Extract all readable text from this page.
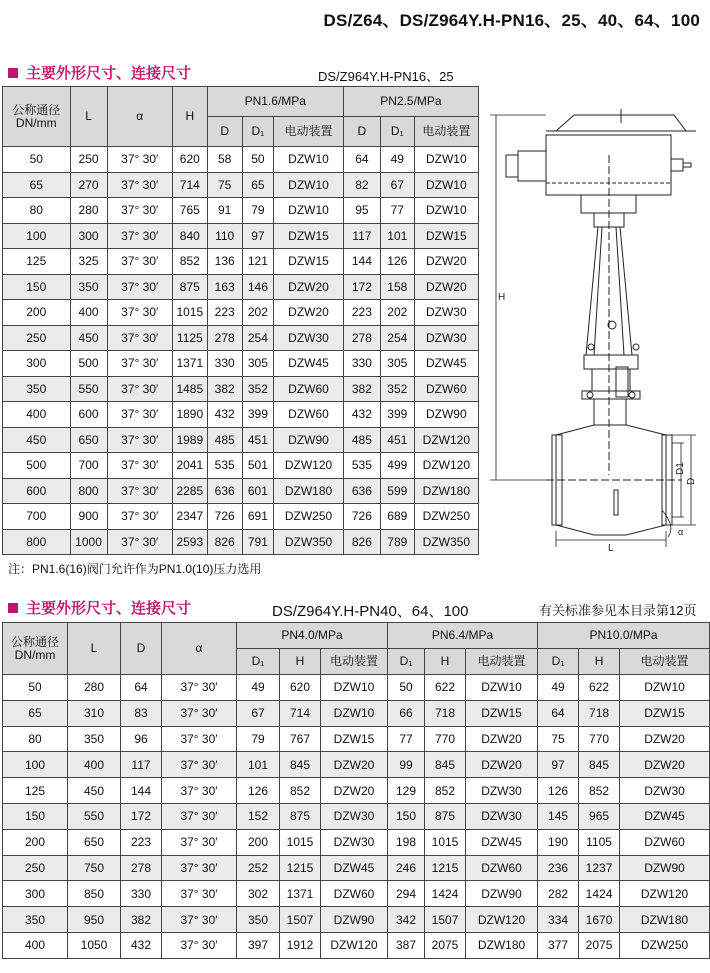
DS/Z64、DS/Z964Y.H-PN16、25、40、64、100
主要外形尺寸、连接尺寸	DS/Z964Y.H-PN16、25
公称通径
DN/mm	L	α	H	PN1.6/MPa			PN2.5/MPa		
				D	D₁	电动装置	D	D₁	电动装置
50	250	37° 30′	620	58	50	DZW10	64	49	DZW10
65	270	37° 30′	714	75	65	DZW10	82	67	DZW10
80	280	37° 30′	765	91	79	DZW10	95	77	DZW10
100	300	37° 30′	840	110	97	DZW15	117	101	DZW15
125	325	37° 30′	852	136	121	DZW15	144	126	DZW20
150	350	37° 30′	875	163	146	DZW20	172	158	DZW20
200	400	37° 30′	1015	223	202	DZW20	223	202	DZW30
250	450	37° 30′	1125	278	254	DZW30	278	254	DZW30
300	500	37° 30′	1371	330	305	DZW45	330	305	DZW45
350	550	37° 30′	1485	382	352	DZW60	382	352	DZW60
400	600	37° 30′	1890	432	399	DZW60	432	399	DZW90
450	650	37° 30′	1989	485	451	DZW90	485	451	DZW120
500	700	37° 30′	2041	535	501	DZW120	535	499	DZW120
600	800	37° 30′	2285	636	601	DZW180	636	599	DZW180
700	900	37° 30′	2347	726	691	DZW250	726	689	DZW250
800	1000	37° 30′	2593	826	791	DZW350	826	789	DZW350
注：PN1.6(16)阀门允许作为PN1.0(10)压力选用
H
D1
D
L
α
主要外形尺寸、连接尺寸	DS/Z964Y.H-PN40、64、100	有关标准参见本目录第12页
公称通径
DN/mm	L	D	α	PN4.0/MPa			PN6.4/MPa			PN10.0/MPa		
				D₁	H	电动装置	D₁	H	电动装置	D₁	H	电动装置
50	280	64	37° 30′	49	620	DZW10	50	622	DZW10	49	622	DZW10
65	310	83	37° 30′	67	714	DZW10	66	718	DZW15	64	718	DZW15
80	350	96	37° 30′	79	767	DZW15	77	770	DZW20	75	770	DZW20
100	400	117	37° 30′	101	845	DZW20	99	845	DZW20	97	845	DZW20
125	450	144	37° 30′	126	852	DZW20	129	852	DZW30	126	852	DZW30
150	550	172	37° 30′	152	875	DZW30	150	875	DZW30	145	965	DZW45
200	650	223	37° 30′	200	1015	DZW30	198	1015	DZW45	190	1105	DZW60
250	750	278	37° 30′	252	1215	DZW45	246	1215	DZW60	236	1237	DZW90
300	850	330	37° 30′	302	1371	DZW60	294	1424	DZW90	282	1424	DZW120
350	950	382	37° 30′	350	1507	DZW90	342	1507	DZW120	334	1670	DZW180
400	1050	432	37° 30′	397	1912	DZW120	387	2075	DZW180	377	2075	DZW250
